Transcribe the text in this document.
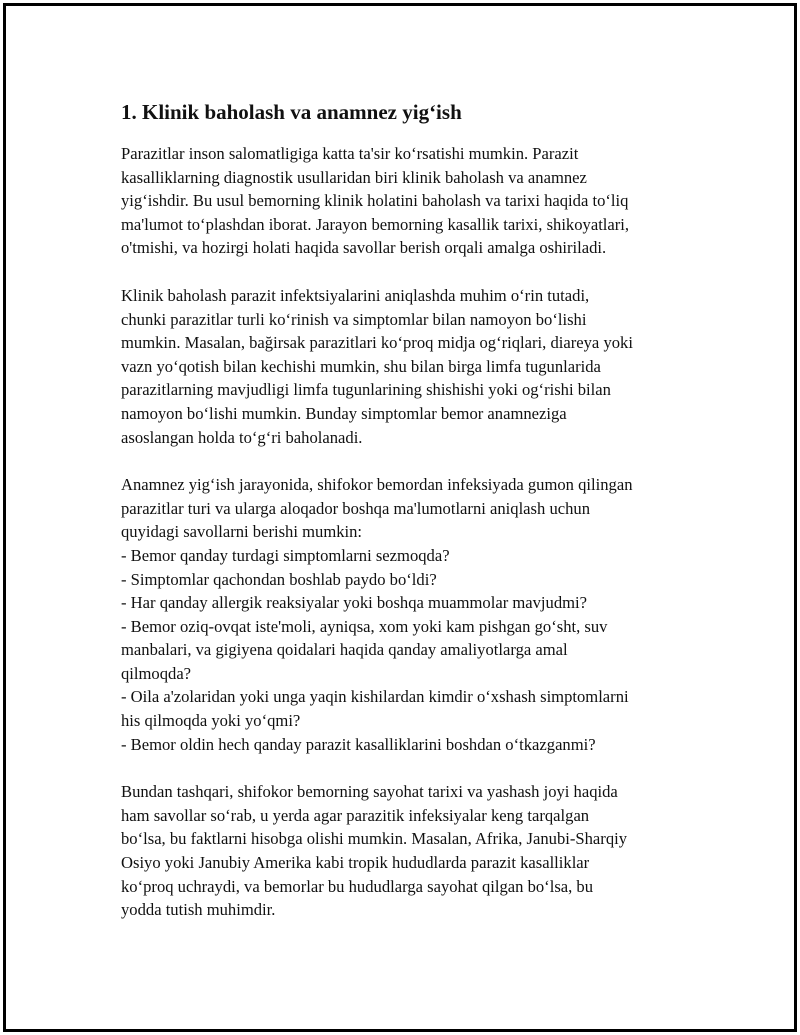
1. Klinik baholash va anamnez yig‘ish

Parazitlar inson salomatligiga katta ta'sir ko‘rsatishi mumkin. Parazit
kasalliklarning diagnostik usullaridan biri klinik baholash va anamnez
yig‘ishdir. Bu usul bemorning klinik holatini baholash va tarixi haqida to‘liq
ma'lumot to‘plashdan iborat. Jarayon bemorning kasallik tarixi, shikoyatlari,
o'tmishi, va hozirgi holati haqida savollar berish orqali amalga oshiriladi.

Klinik baholash parazit infektsiyalarini aniqlashda muhim o‘rin tutadi,
chunki parazitlar turli ko‘rinish va simptomlar bilan namoyon bo‘lishi
mumkin. Masalan, bağirsak parazitlari ko‘proq midja og‘riqlari, diareya yoki
vazn yo‘qotish bilan kechishi mumkin, shu bilan birga limfa tugunlarida
parazitlarning mavjudligi limfa tugunlarining shishishi yoki og‘rishi bilan
namoyon bo‘lishi mumkin. Bunday simptomlar bemor anamneziga
asoslangan holda to‘g‘ri baholanadi.

Anamnez yig‘ish jarayonida, shifokor bemordan infeksiyada gumon qilingan
parazitlar turi va ularga aloqador boshqa ma'lumotlarni aniqlash uchun
quyidagi savollarni berishi mumkin:
- Bemor qanday turdagi simptomlarni sezmoqda?
- Simptomlar qachondan boshlab paydo bo‘ldi?
- Har qanday allergik reaksiyalar yoki boshqa muammolar mavjudmi?
- Bemor oziq-ovqat iste'moli, ayniqsa, xom yoki kam pishgan go‘sht, suv
manbalari, va gigiyena qoidalari haqida qanday amaliyotlarga amal
qilmoqda?
- Oila a'zolaridan yoki unga yaqin kishilardan kimdir o‘xshash simptomlarni
his qilmoqda yoki yo‘qmi?
- Bemor oldin hech qanday parazit kasalliklarini boshdan o‘tkazganmi?

Bundan tashqari, shifokor bemorning sayohat tarixi va yashash joyi haqida
ham savollar so‘rab, u yerda agar parazitik infeksiyalar keng tarqalgan
bo‘lsa, bu faktlarni hisobga olishi mumkin. Masalan, Afrika, Janubi-Sharqiy
Osiyo yoki Janubiy Amerika kabi tropik hududlarda parazit kasalliklar
ko‘proq uchraydi, va bemorlar bu hududlarga sayohat qilgan bo‘lsa, bu
yodda tutish muhimdir.
